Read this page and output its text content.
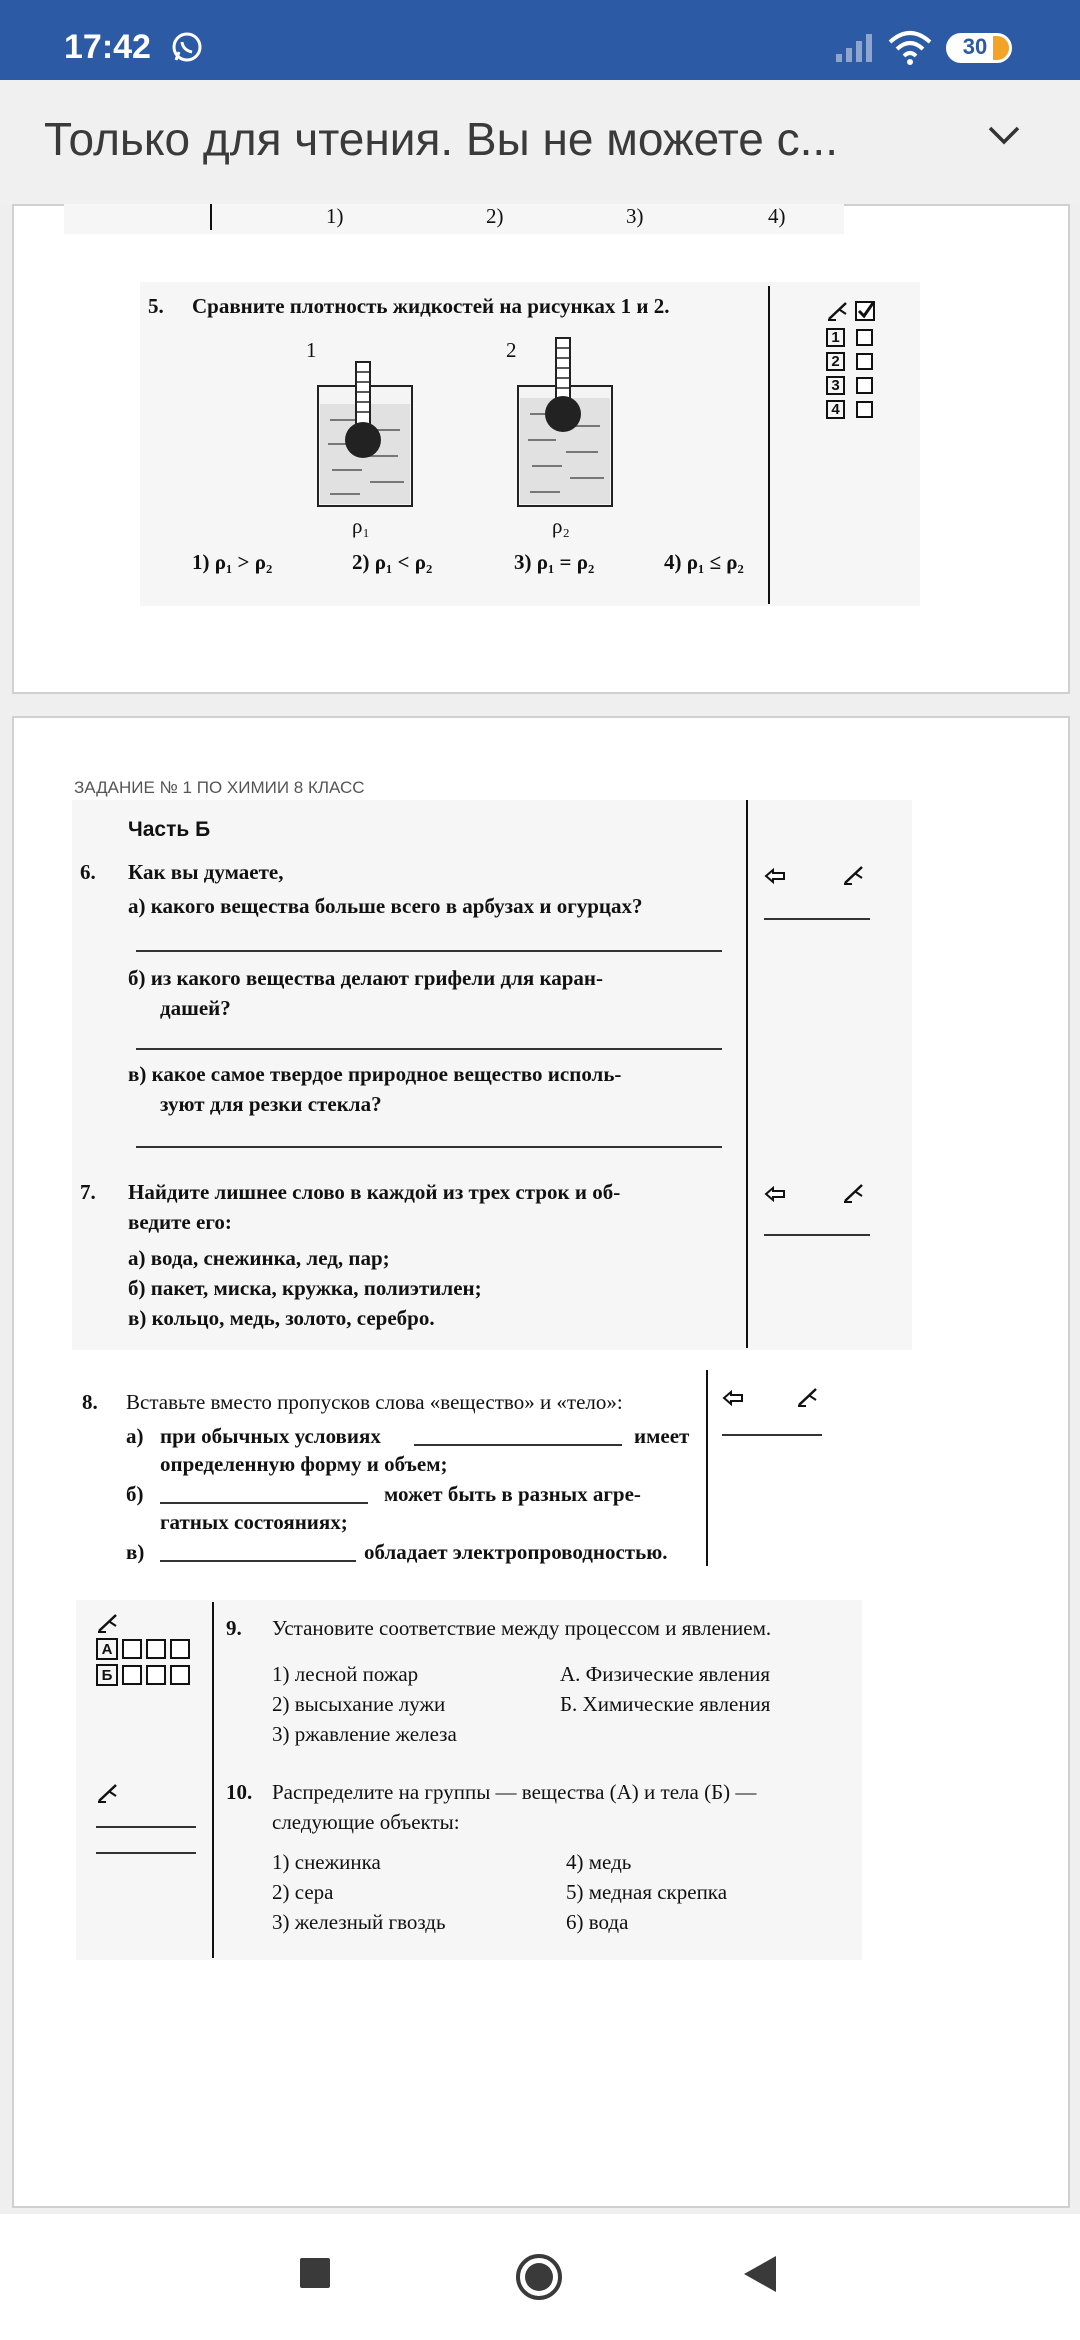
17:42	30
Только для чтения. Вы не можете с...
1)	2)	3)	4)
5. Сравните плотность жидкостей на рисунках 1 и 2.
1	2
ρ₁	ρ₂
1) ρ₁ > ρ₂	2) ρ₁ < ρ₂	3) ρ₁ = ρ₂	4) ρ₁ ≤ ρ₂
1
2
3
4
ЗАДАНИЕ № 1 ПО ХИМИИ 8 КЛАСС
Часть Б
6. Как вы думаете,
а) какого вещества больше всего в арбузах и огурцах?
б) из какого вещества делают грифели для каран-
дашей?
в) какое самое твердое природное вещество исполь-
зуют для резки стекла?
7. Найдите лишнее слово в каждой из трех строк и об-
ведите его:
а) вода, снежинка, лед, пар;
б) пакет, миска, кружка, полиэтилен;
в) кольцо, медь, золото, серебро.
8. Вставьте вместо пропусков слова «вещество» и «тело»:
а) при обычных условиях	имеет
определенную форму и объем;
б)	может быть в разных агре-
гатных состояниях;
в)	обладает электропроводностью.
А
Б
9. Установите соответствие между процессом и явлением.
1) лесной пожар
2) высыхание лужи
3) ржавление железа
А. Физические явления
Б. Химические явления
10. Распределите на группы — вещества (А) и тела (Б) —
следующие объекты:
1) снежинка
2) сера
3) железный гвоздь
4) медь
5) медная скрепка
6) вода
